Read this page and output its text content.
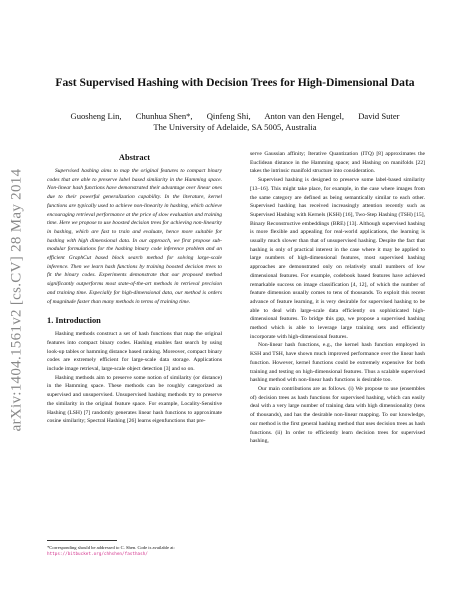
arXiv:1404.1561v2 [cs.CV] 28 May 2014
Fast Supervised Hashing with Decision Trees for High-Dimensional Data
Guosheng Lin, Chunhua Shen*, Qinfeng Shi, Anton van den Hengel, David Suter
The University of Adelaide, SA 5005, Australia
Abstract

Supervised hashing aims to map the original features to compact binary codes that are able to preserve label based similarity in the Hamming space. Non-linear hash functions have demonstrated their advantage over linear ones due to their powerful generalization capability. In the literature, kernel functions are typically used to achieve non-linearity in hashing, which achieve encouraging retrieval performance at the price of slow evaluation and training time. Here we propose to use boosted decision trees for achieving non-linearity in hashing, which are fast to train and evaluate, hence more suitable for hashing with high dimensional data. In our approach, we first propose sub-modular formulations for the hashing binary code inference problem and an efficient GraphCut based block search method for solving large-scale inference. Then we learn hash functions by training boosted decision trees to fit the binary codes. Experiments demonstrate that our proposed method significantly outperforms most state-of-the-art methods in retrieval precision and training time. Especially for high-dimensional data, our method is orders of magnitude faster than many methods in terms of training time.

1. Introduction

Hashing methods construct a set of hash functions that map the original features into compact binary codes. Hashing enables fast search by using look-up tables or hamming distance based ranking. Moreover, compact binary codes are extremely efficient for large-scale data storage. Applications include image retrieval, large-scale object detection [3] and so on.

Hashing methods aim to preserve some notion of similarity (or distance) in the Hamming space. These methods can be roughly categorized as supervised and unsupervised. Unsupervised hashing methods try to preserve the similarity in the original feature space. For example, Locality-Sensitive Hashing (LSH) [7] randomly generates linear hash functions to approximate cosine similarity; Spectral Hashing [26] learns eigenfunctions that pre-

serve Gaussian affinity; Iterative Quantization (ITQ) [8] approximates the Euclidean distance in the Hamming space; and Hashing on manifolds [22] takes the intrinsic manifold structure into consideration.

Supervised hashing is designed to preserve some label-based similarity [13–16]. This might take place, for example, in the case where images from the same category are defined as being semantically similar to each other. Supervised hashing has received increasingly attention recently such as Supervised Hashing with Kernels (KSH) [16], Two-Step Hashing (TSH) [15], Binary Reconstructive embeddings (BRE) [13]. Although supervised hashing is more flexible and appealing for real-world applications, the learning is usually much slower than that of unsupervised hashing. Despite the fact that hashing is only of practical interest in the case where it may be applied to large numbers of high-dimensional features, most supervised hashing approaches are demonstrated only on relatively small numbers of low dimensional features. For example, codebook based features have achieved remarkable success on image classification [4, 12], of which the number of feature dimension usually comes to tens of thousands. To exploit this recent advance of feature learning, it is very desirable for supervised hashing to be able to deal with large-scale data efficiently on sophisticated high-dimensional features. To bridge this gap, we propose a supervised hashing method which is able to leverage large training sets and efficiently incorporate with high-dimensional features.

Non-linear hash functions, e.g., the kernel hash function employed in KSH and TSH, have shown much improved performance over the linear hash function. However, kernel functions could be extremely expensive for both training and testing on high-dimensional features. Thus a scalable supervised hashing method with non-linear hash functions is desirable too.

Our main contributions are as follows. (i) We propose to use (ensembles of) decision trees as hash functions for supervised hashing, which can easily deal with a very large number of training data with high dimensionality (tens of thousands), and has the desirable non-linear mapping. To our knowledge, our method is the first general hashing method that uses decision trees as hash functions. (ii) In order to efficiently learn decision trees for supervised hashing,

*Corresponding should be addressed to C. Shen. Code is available at:
https://bitbucket.org/chhshen/fasthash/
